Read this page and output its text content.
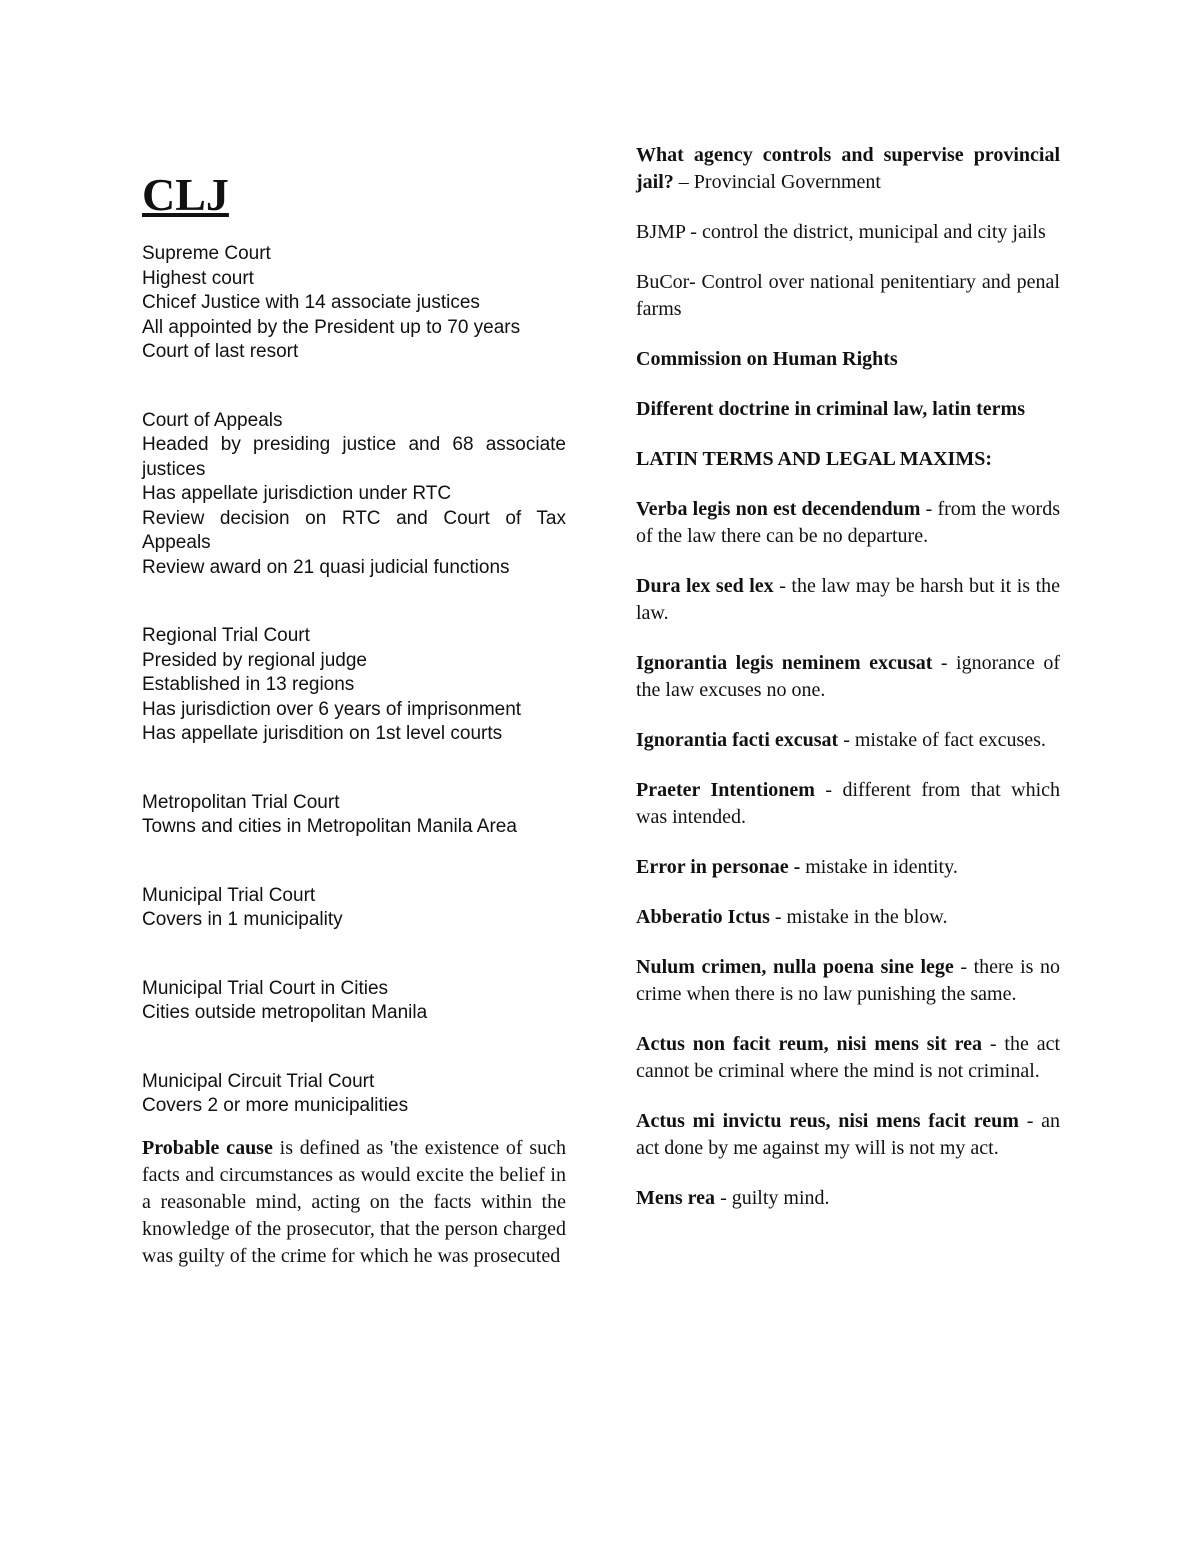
CLJ
Supreme Court
Highest court
Chicef Justice with 14 associate justices
All appointed by the President up to 70 years
Court of last resort
Court of Appeals
Headed by presiding justice and 68 associate justices
Has appellate jurisdiction under RTC
Review decision on RTC and Court of Tax Appeals
Review award on 21 quasi judicial functions
Regional Trial Court
Presided by regional judge
Established in 13 regions
Has jurisdiction over 6 years of imprisonment
Has appellate jurisdition on 1st level courts
Metropolitan Trial Court
Towns and cities in Metropolitan Manila Area
Municipal Trial Court
Covers in 1 municipality
Municipal Trial Court in Cities
Cities outside metropolitan Manila
Municipal Circuit Trial Court
Covers 2 or more municipalities

Probable cause is defined as 'the existence of such facts and circumstances as would excite the belief in a reasonable mind, acting on the facts within the knowledge of the prosecutor, that the person charged was guilty of the crime for which he was prosecuted

What agency controls and supervise provincial jail? – Provincial Government

BJMP - control the district, municipal and city jails

BuCor- Control over national penitentiary and penal farms

Commission on Human Rights

Different doctrine in criminal law, latin terms

LATIN TERMS AND LEGAL MAXIMS:

Verba legis non est decendendum - from the words of the law there can be no departure.

Dura lex sed lex - the law may be harsh but it is the law.

Ignorantia legis neminem excusat - ignorance of the law excuses no one.

Ignorantia facti excusat - mistake of fact excuses.

Praeter Intentionem - different from that which was intended.

Error in personae - mistake in identity.

Abberatio Ictus - mistake in the blow.

Nulum crimen, nulla poena sine lege - there is no crime when there is no law punishing the same.

Actus non facit reum, nisi mens sit rea - the act cannot be criminal where the mind is not criminal.

Actus mi invictu reus, nisi mens facit reum - an act done by me against my will is not my act.

Mens rea - guilty mind.
